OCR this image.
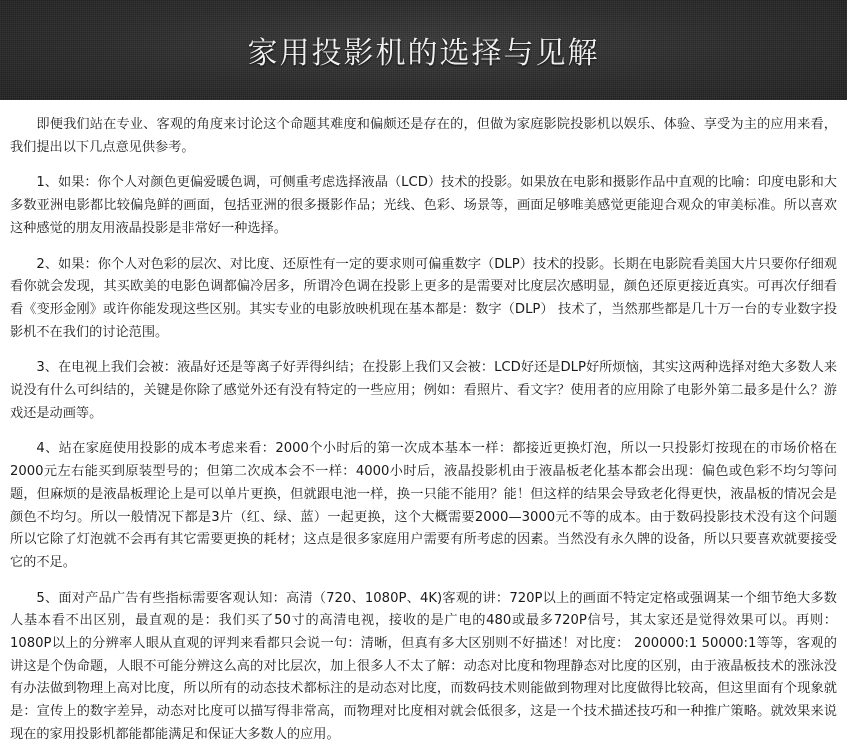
家用投影机的选择与见解

即便我们站在专业、客观的角度来讨论这个命题其难度和偏颇还是存在的，但做为家庭影院投影机以娱乐、体验、享受为主的应用来看，我们提出以下几点意见供参考。

1、如果：你个人对颜色更偏爱暖色调，可侧重考虑选择液晶（LCD）技术的投影。如果放在电影和摄影作品中直观的比喻：印度电影和大多数亚洲电影都比较偏凫鲜的画面，包括亚洲的很多摄影作品；光线、色彩、场景等，画面足够唯美感觉更能迎合观众的审美标准。所以喜欢这种感觉的朋友用液晶投影是非常好一种选择。

2、如果：你个人对色彩的层次、对比度、还原性有一定的要求则可偏重数字（DLP）技术的投影。长期在电影院看美国大片只要你仔细观看你就会发现，其买欧美的电影色调都偏冷居多，所谓冷色调在投影上更多的是需要对比度层次感明显，颜色还原更接近真实。可再次仔细看看《变形金刚》或许你能发现这些区别。其实专业的电影放映机现在基本都是：数字（DLP） 技术了，当然那些都是几十万一台的专业数字投影机不在我们的讨论范围。

3、在电视上我们会被：液晶好还是等离子好弄得纠结；在投影上我们又会被：LCD好还是DLP好所烦恼，其实这两种选择对绝大多数人来说没有什么可纠结的，关键是你除了感觉外还有没有特定的一些应用；例如：看照片、看文字？使用者的应用除了电影外第二最多是什么？游戏还是动画等。

4、站在家庭使用投影的成本考虑来看：2000个小时后的第一次成本基本一样：都接近更换灯泡，所以一只投影灯按现在的市场价格在2000元左右能买到原装型号的；但第二次成本会不一样：4000小时后，液晶投影机由于液晶板老化基本都会出现：偏色或色彩不均匀等问题，但麻烦的是液晶板理论上是可以单片更换，但就跟电池一样，换一只能不能用？能！但这样的结果会导致老化得更快，液晶板的情况会是颜色不均匀。所以一般情况下都是3片（红、绿、蓝）一起更换，这个大概需要2000—3000元不等的成本。由于数码投影技术没有这个问题所以它除了灯泡就不会再有其它需要更换的耗材；这点是很多家庭用户需要有所考虑的因素。当然没有永久牌的设备，所以只要喜欢就要接受它的不足。

5、面对产品广告有些指标需要客观认知：高清（720、1080P、4K)客观的讲：720P以上的画面不特定定格或强调某一个细节绝大多数人基本看不出区别，最直观的是：我们买了50寸的高清电视，接收的是广电的480或最多720P信号，其太家还是觉得效果可以。再则：1080P以上的分辨率人眼从直观的评判来看都只会说一句：清晰，但真有多大区别则不好描述！对比度： 200000:1 50000:1等等，客观的讲这是个伪命题，人眼不可能分辨这么高的对比层次，加上很多人不太了解：动态对比度和物理静态对比度的区别，由于液晶板技术的涨泳没有办法做到物理上高对比度，所以所有的动态技术都标注的是动态对比度，而数码技术则能做到物理对比度做得比较高，但这里面有个现象就是：宣传上的数字差异，动态对比度可以描写得非常高，而物理对比度相对就会低很多，这是一个技术描述技巧和一种推广策略。就效果来说现在的家用投影机都能都能满足和保证大多数人的应用。
